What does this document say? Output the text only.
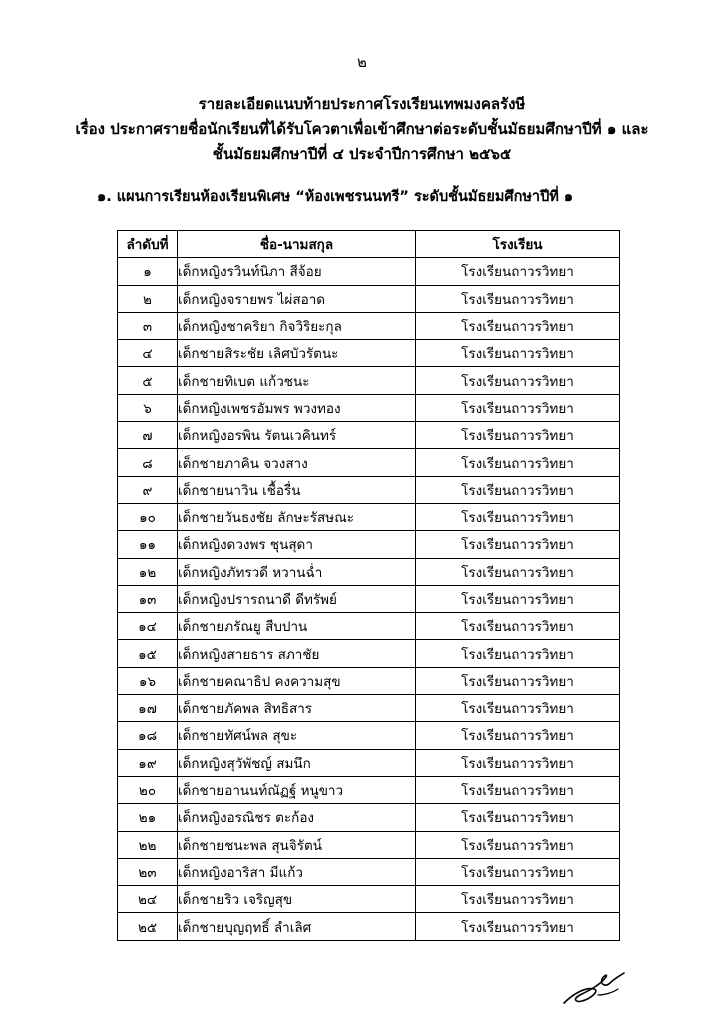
๒
รายละเอียดแนบท้ายประกาศโรงเรียนเทพมงคลรังษี
เรื่อง ประกาศรายชื่อนักเรียนที่ได้รับโควตาเพื่อเข้าศึกษาต่อระดับชั้นมัธยมศึกษาปีที่ ๑ และ
ชั้นมัธยมศึกษาปีที่ ๔ ประจำปีการศึกษา ๒๕๖๕
๑. แผนการเรียนห้องเรียนพิเศษ “ห้องเพชรนนทรี” ระดับชั้นมัธยมศึกษาปีที่ ๑
ลำดับที่	ชื่อ-นามสกุล	โรงเรียน
๑	เด็กหญิงรวินท์นิภา สีจ้อย	โรงเรียนถาวรวิทยา
๒	เด็กหญิงจรายพร ไผ่สอาด	โรงเรียนถาวรวิทยา
๓	เด็กหญิงชาคริยา กิจวิริยะกุล	โรงเรียนถาวรวิทยา
๔	เด็กชายสิระชัย เลิศบัวรัตนะ	โรงเรียนถาวรวิทยา
๕	เด็กชายทิเบต แก้วชนะ	โรงเรียนถาวรวิทยา
๖	เด็กหญิงเพชรอัมพร พวงทอง	โรงเรียนถาวรวิทยา
๗	เด็กหญิงอรพิน รัตนเวคินทร์	โรงเรียนถาวรวิทยา
๘	เด็กชายภาคิน จวงสาง	โรงเรียนถาวรวิทยา
๙	เด็กชายนาวิน เชื้อรื่น	โรงเรียนถาวรวิทยา
๑๐	เด็กชายวันธงชัย ลักษะรัสษณะ	โรงเรียนถาวรวิทยา
๑๑	เด็กหญิงดวงพร ชุนสุดา	โรงเรียนถาวรวิทยา
๑๒	เด็กหญิงภัทรวดี หวานฉ่ำ	โรงเรียนถาวรวิทยา
๑๓	เด็กหญิงปรารถนาดี ดีทรัพย์	โรงเรียนถาวรวิทยา
๑๔	เด็กชายภรัณยู สืบปาน	โรงเรียนถาวรวิทยา
๑๕	เด็กหญิงสายธาร สภาชัย	โรงเรียนถาวรวิทยา
๑๖	เด็กชายคณาธิป คงความสุข	โรงเรียนถาวรวิทยา
๑๗	เด็กชายภัคพล สิทธิสาร	โรงเรียนถาวรวิทยา
๑๘	เด็กชายทัศน์พล สุขะ	โรงเรียนถาวรวิทยา
๑๙	เด็กหญิงสุวัพัชญ์ สมนึก	โรงเรียนถาวรวิทยา
๒๐	เด็กชายอานนท์ณัฏฐ์ หนูขาว	โรงเรียนถาวรวิทยา
๒๑	เด็กหญิงอรณิชร ตะก้อง	โรงเรียนถาวรวิทยา
๒๒	เด็กชายชนะพล สุนจิรัตน์	โรงเรียนถาวรวิทยา
๒๓	เด็กหญิงอาริสา มีแก้ว	โรงเรียนถาวรวิทยา
๒๔	เด็กชายริว เจริญสุข	โรงเรียนถาวรวิทยา
๒๕	เด็กชายบุญฤทธิ์ ลำเลิศ	โรงเรียนถาวรวิทยา
